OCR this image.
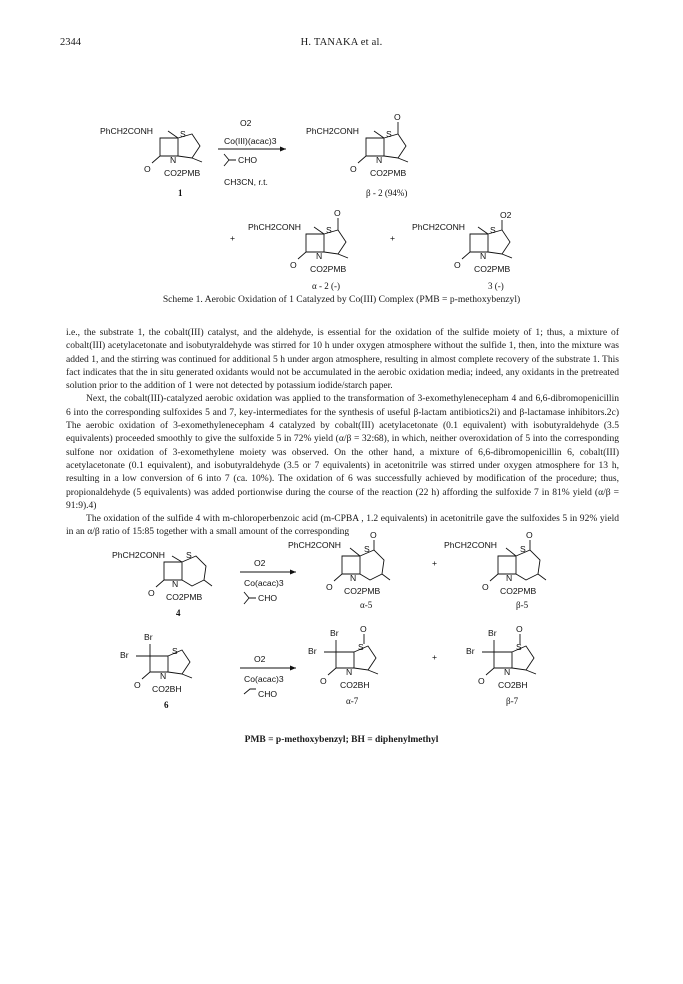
2344	H. TANAKA et al.
PhCH2CONH	S
N
O CO2PMB
1
O2
Co(III)(acac)3
CHO
CH3CN, r.t.
PhCH2CONH
O
S
N
O CO2PMB
β - 2 (94%)
+
PhCH2CONH
O
S
N
O CO2PMB
α - 2 (-)
+
PhCH2CONH
O2
S
N
O CO2PMB
3 (-)
Scheme 1. Aerobic Oxidation of 1 Catalyzed by Co(III) Complex (PMB = p-methoxybenzyl)

i.e., the substrate 1, the cobalt(III) catalyst, and the aldehyde, is essential for the oxidation of the sulfide moiety of 1; thus, a mixture of cobalt(III) acetylacetonate and isobutyraldehyde was stirred for 10 h under oxygen atmosphere without the sulfide 1, then, into the mixture was added 1, and the stirring was continued for additional 5 h under argon atmosphere, resulting in almost complete recovery of the substrate 1. This fact indicates that the in situ generated oxidants would not be accumulated in the aerobic oxidation media; indeed, any oxidants in the pretreated solution prior to the addition of 1 were not detected by potassium iodide/starch paper.

Next, the cobalt(III)-catalyzed aerobic oxidation was applied to the transformation of 3-exomethylenecepham 4 and 6,6-dibromopenicillin 6 into the corresponding sulfoxides 5 and 7, key-intermediates for the synthesis of useful β-lactam antibiotics2i) and β-lactamase inhibitors.2c) The aerobic oxidation of 3-exomethylenecepham 4 catalyzed by cobalt(III) acetylacetonate (0.1 equivalent) with isobutyraldehyde (3.5 equivalents) proceeded smoothly to give the sulfoxide 5 in 72% yield (α/β = 32:68), in which, neither overoxidation of 5 into the corresponding sulfone nor oxidation of 3-exomethylene moiety was observed. On the other hand, a mixture of 6,6-dibromopenicillin 6, cobalt(III) acetylacetonate (0.1 equivalent), and isobutyraldehyde (3.5 or 7 equivalents) in acetonitrile was stirred under oxygen atmosphere for 13 h, resulting in a low conversion of 6 into 7 (ca. 10%). The oxidation of 6 was successfully achieved by modification of the procedure; thus, propionaldehyde (5 equivalents) was added portionwise during the course of the reaction (22 h) affording the sulfoxide 7 in 81% yield (α/β = 91:9).4)

The oxidation of the sulfide 4 with m-chloroperbenzoic acid (m-CPBA , 1.2 equivalents) in acetonitrile gave the sulfoxides 5 in 92% yield in an α/β ratio of 15:85 together with a small amount of the corresponding

PhCH2CONH S
N
O CO2PMB
4
O2
Co(acac)3
CHO
PhCH2CONH
O
S
N
O CO2PMB
α-5
+
PhCH2CONH
O
S
N
O CO2PMB
β-5
Br
Br	S
N
O CO2BH
6
O2
Co(acac)3
CHO
Br
Br
O
S
N
O CO2BH
α-7
+
Br
Br
O
S
N
O CO2BH
β-7
PMB = p-methoxybenzyl; BH = diphenylmethyl
